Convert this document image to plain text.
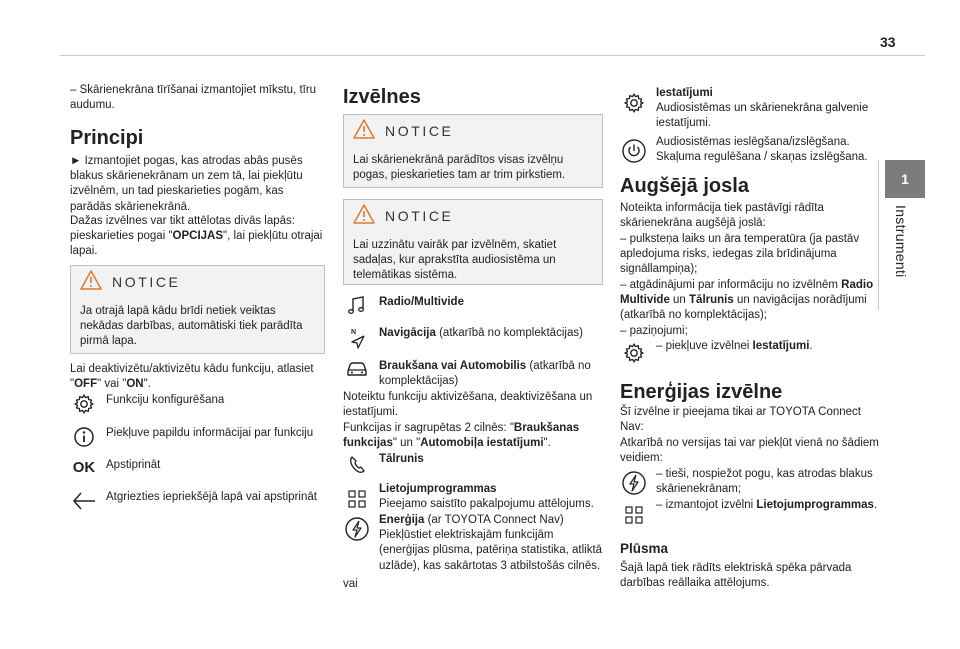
33
1
Instrumenti

– Skārienekrāna tīrīšanai izmantojiet mīkstu, tīru audumu.

Principi

► Izmantojiet pogas, kas atrodas abās pusēs blakus skārienekrānam un zem tā, lai piekļūtu izvēlnēm, un tad pieskarieties pogām, kas parādās skārienekrānā.

Dažas izvēlnes var tikt attēlotas divās lapās: pieskarieties pogai "OPCIJAS", lai piekļūtu otrajai lapai.

NOTICE

Ja otrajā lapā kādu brīdi netiek veiktas nekādas darbības, automātiski tiek parādīta pirmā lapa.

Lai deaktivizētu/aktivizētu kādu funkciju, atlasiet "OFF" vai "ON".

Funkciju konfigurēšana
Piekļuve papildu informācijai par funkciju
OK Apstiprināt
Atgriezties iepriekšējā lapā vai apstiprināt
Izvēlnes
NOTICE

Lai skārienekrānā parādītos visas izvēlņu pogas, pieskarieties tam ar trim pirkstiem.

NOTICE

Lai uzzinātu vairāk par izvēlnēm, skatiet sadaļas, kur aprakstīta audiosistēma un telemātikas sistēma.

Radio/Multivide
N Navigācija (atkarībā no komplektācijas)
Braukšana vai Automobilis (atkarībā no komplektācijas)

Noteiktu funkciju aktivizēšana, deaktivizēšana un iestatījumi.

Funkcijas ir sagrupētas 2 cilnēs: "Braukšanas funkcijas" un "Automobiļa iestatījumi".

Tālrunis
Lietojumprogrammas
Pieejamo saistīto pakalpojumu attēlojums.
Enerģija (ar TOYOTA Connect Nav) Piekļūstiet elektriskajām funkcijām (enerģijas plūsma, patēriņa statistika, atliktā uzlāde), kas sakārtotas 3 atbilstošās cilnēs.

vai

Iestatījumi

Audiosistēmas un skārienekrāna galvenie iestatījumi.

Audiosistēmas ieslēgšana/izslēgšana. Skaļuma regulēšana / skaņas izslēgšana.
Augšējā josla

Noteikta informācija tiek pastāvīgi rādīta skārienekrāna augšējā joslā:

– pulksteņa laiks un āra temperatūra (ja pastāv apledojuma risks, iedegas zila brīdinājuma signāllampiņa);

– atgādinājumi par informāciju no izvēlnēm Radio Multivide un Tālrunis un navigācijas norādījumi (atkarībā no komplektācijas);

– paziņojumi;

– piekļuve izvēlnei Iestatījumi.
Enerģijas izvēlne

Šī izvēlne ir pieejama tikai ar TOYOTA Connect Nav:

Atkarībā no versijas tai var piekļūt vienā no šādiem veidiem:

– tieši, nospiežot pogu, kas atrodas blakus skārienekrānam;
– izmantojot izvēlni Lietojumprogrammas.
Plūsma

Šajā lapā tiek rādīts elektriskā spēka pārvada darbības reāllaika attēlojums.
